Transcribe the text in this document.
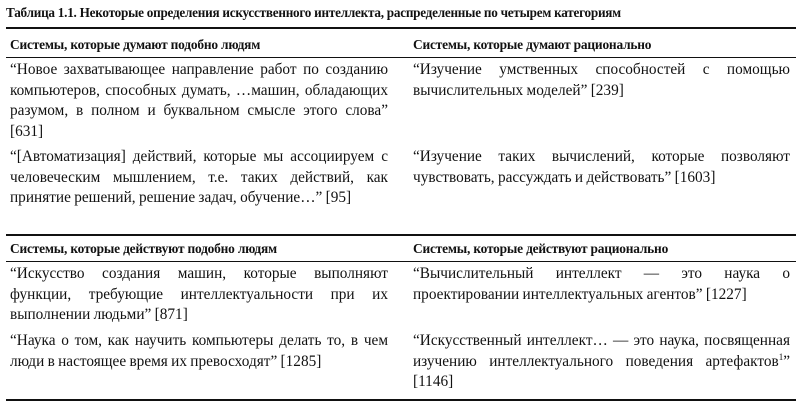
Таблица 1.1. Некоторые определения искусственного интеллекта, распределенные по четырем категориям
Системы, которые думают подобно людям	Системы, которые думают рационально
“Новое захватывающее направление работ по созданию компьютеров, способных думать, …машин, обладающих разумом, в полном и буквальном смысле этого слова” [631]
“Изучение умственных способностей с помощью вычислительных моделей” [239]
“[Автоматизация] действий, которые мы ассоциируем с человеческим мышлением, т.е. таких действий, как принятие решений, решение задач, обучение…” [95]
“Изучение таких вычислений, которые позволяют чувствовать, рассуждать и действовать” [1603]
Системы, которые действуют подобно людям	Системы, которые действуют рационально
“Искусство создания машин, которые выполняют функции, требующие интеллектуальности при их выполнении людьми” [871]
“Вычислительный интеллект — это наука о проектировании интеллектуальных агентов” [1227]
“Наука о том, как научить компьютеры делать то, в чем люди в настоящее время их превосходят” [1285]
“Искусственный интеллект… — это наука, посвященная изучению интеллектуального поведения артефактов$^1$” [1146]
